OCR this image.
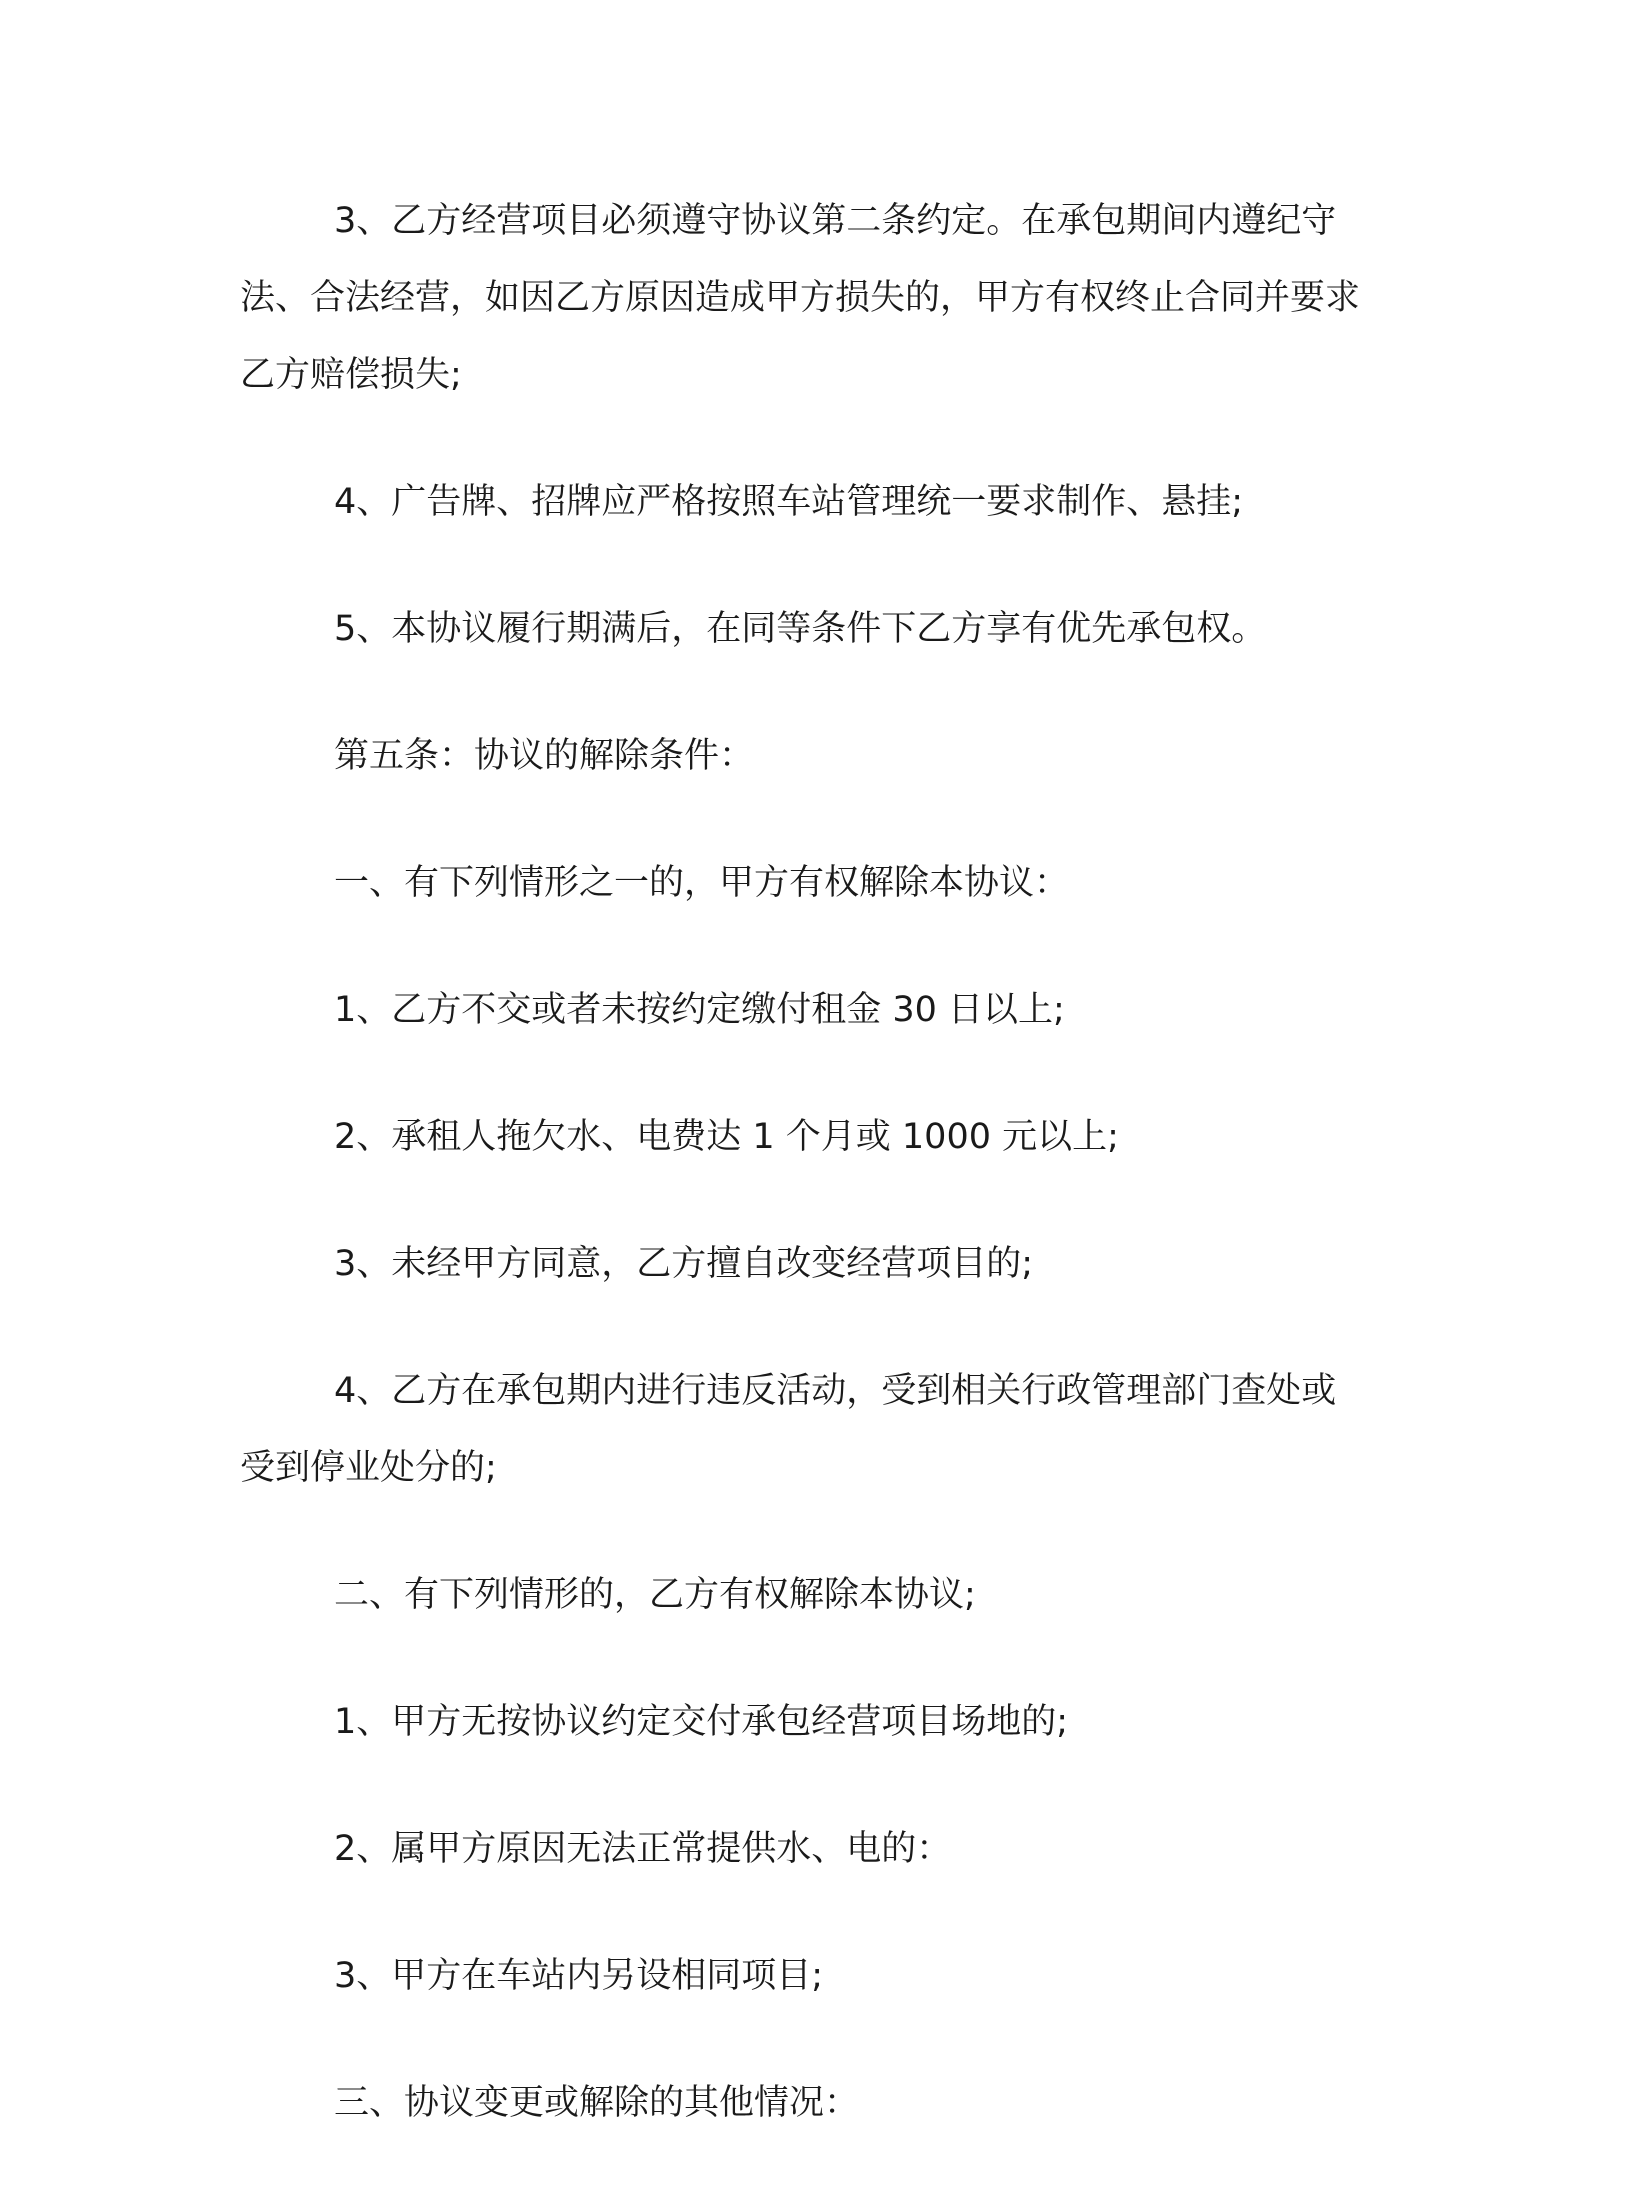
3、乙方经营项目必须遵守协议第二条约定。在承包期间内遵纪守法、合法经营，如因乙方原因造成甲方损失的，甲方有权终止合同并要求乙方赔偿损失;

4、广告牌、招牌应严格按照车站管理统一要求制作、悬挂;

5、本协议履行期满后，在同等条件下乙方享有优先承包权。

第五条：协议的解除条件：

一、有下列情形之一的，甲方有权解除本协议：

1、乙方不交或者未按约定缴付租金 30 日以上;

2、承租人拖欠水、电费达 1 个月或 1000 元以上;

3、未经甲方同意，乙方擅自改变经营项目的;

4、乙方在承包期内进行违反活动，受到相关行政管理部门查处或受到停业处分的;

二、有下列情形的，乙方有权解除本协议;

1、甲方无按协议约定交付承包经营项目场地的;

2、属甲方原因无法正常提供水、电的：

3、甲方在车站内另设相同项目;

三、协议变更或解除的其他情况：
